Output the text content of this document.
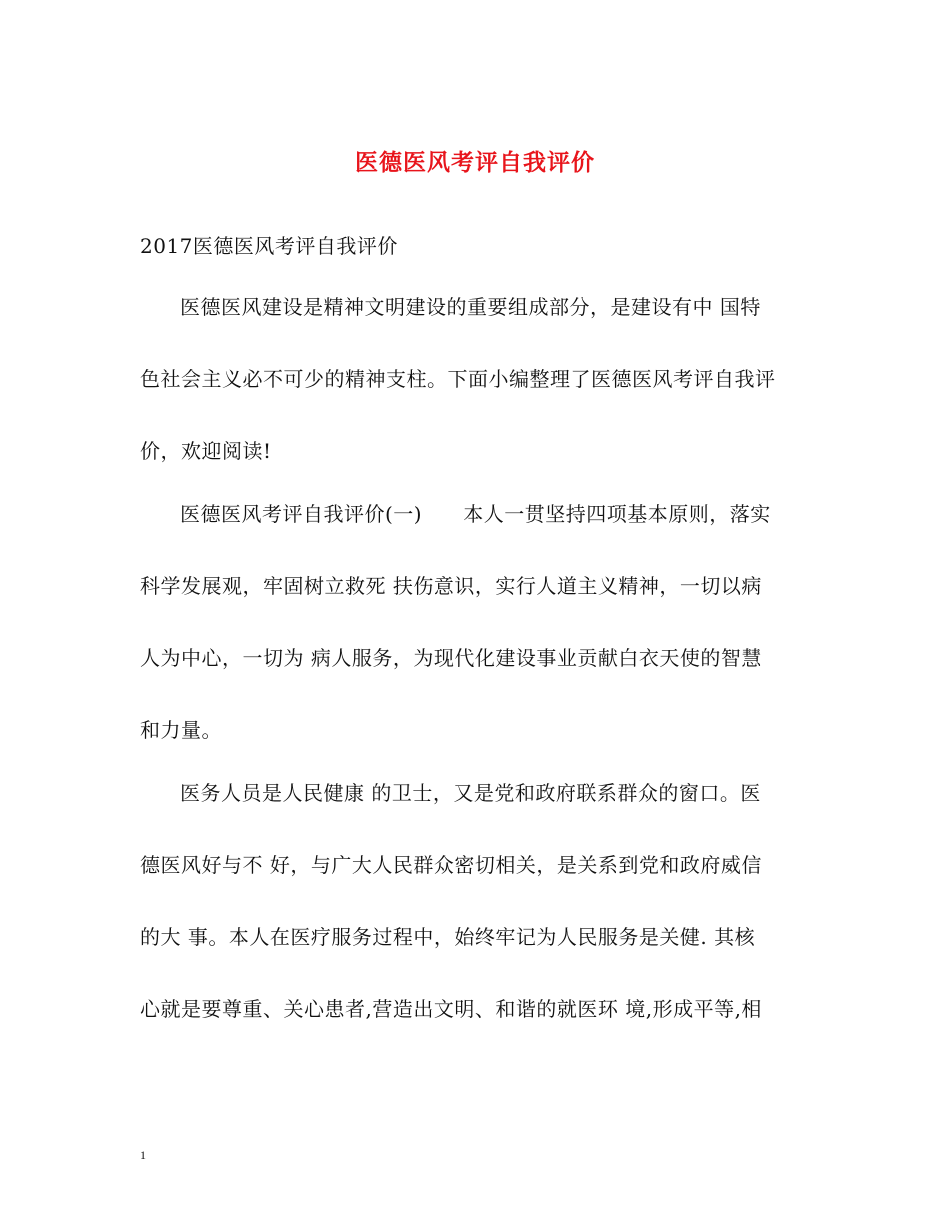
医德医风考评自我评价

2017医德医风考评自我评价

医德医风建设是精神文明建设的重要组成部分，是建设有中 国特

色社会主义必不可少的精神支柱。下面小编整理了医德医风考评自我评

价，欢迎阅读!

医德医风考评自我评价(一)      本人一贯坚持四项基本原则，落实

科学发展观，牢固树立救死 扶伤意识，实行人道主义精神，一切以病

人为中心，一切为 病人服务，为现代化建设事业贡献白衣天使的智慧

和力量。

医务人员是人民健康 的卫士，又是党和政府联系群众的窗口。医

德医风好与不 好，与广大人民群众密切相关，是关系到党和政府威信

的大 事。本人在医疗服务过程中，始终牢记为人民服务是关健. 其核

心就是要尊重、关心患者,营造出文明、和谐的就医环 境,形成平等,相

1
